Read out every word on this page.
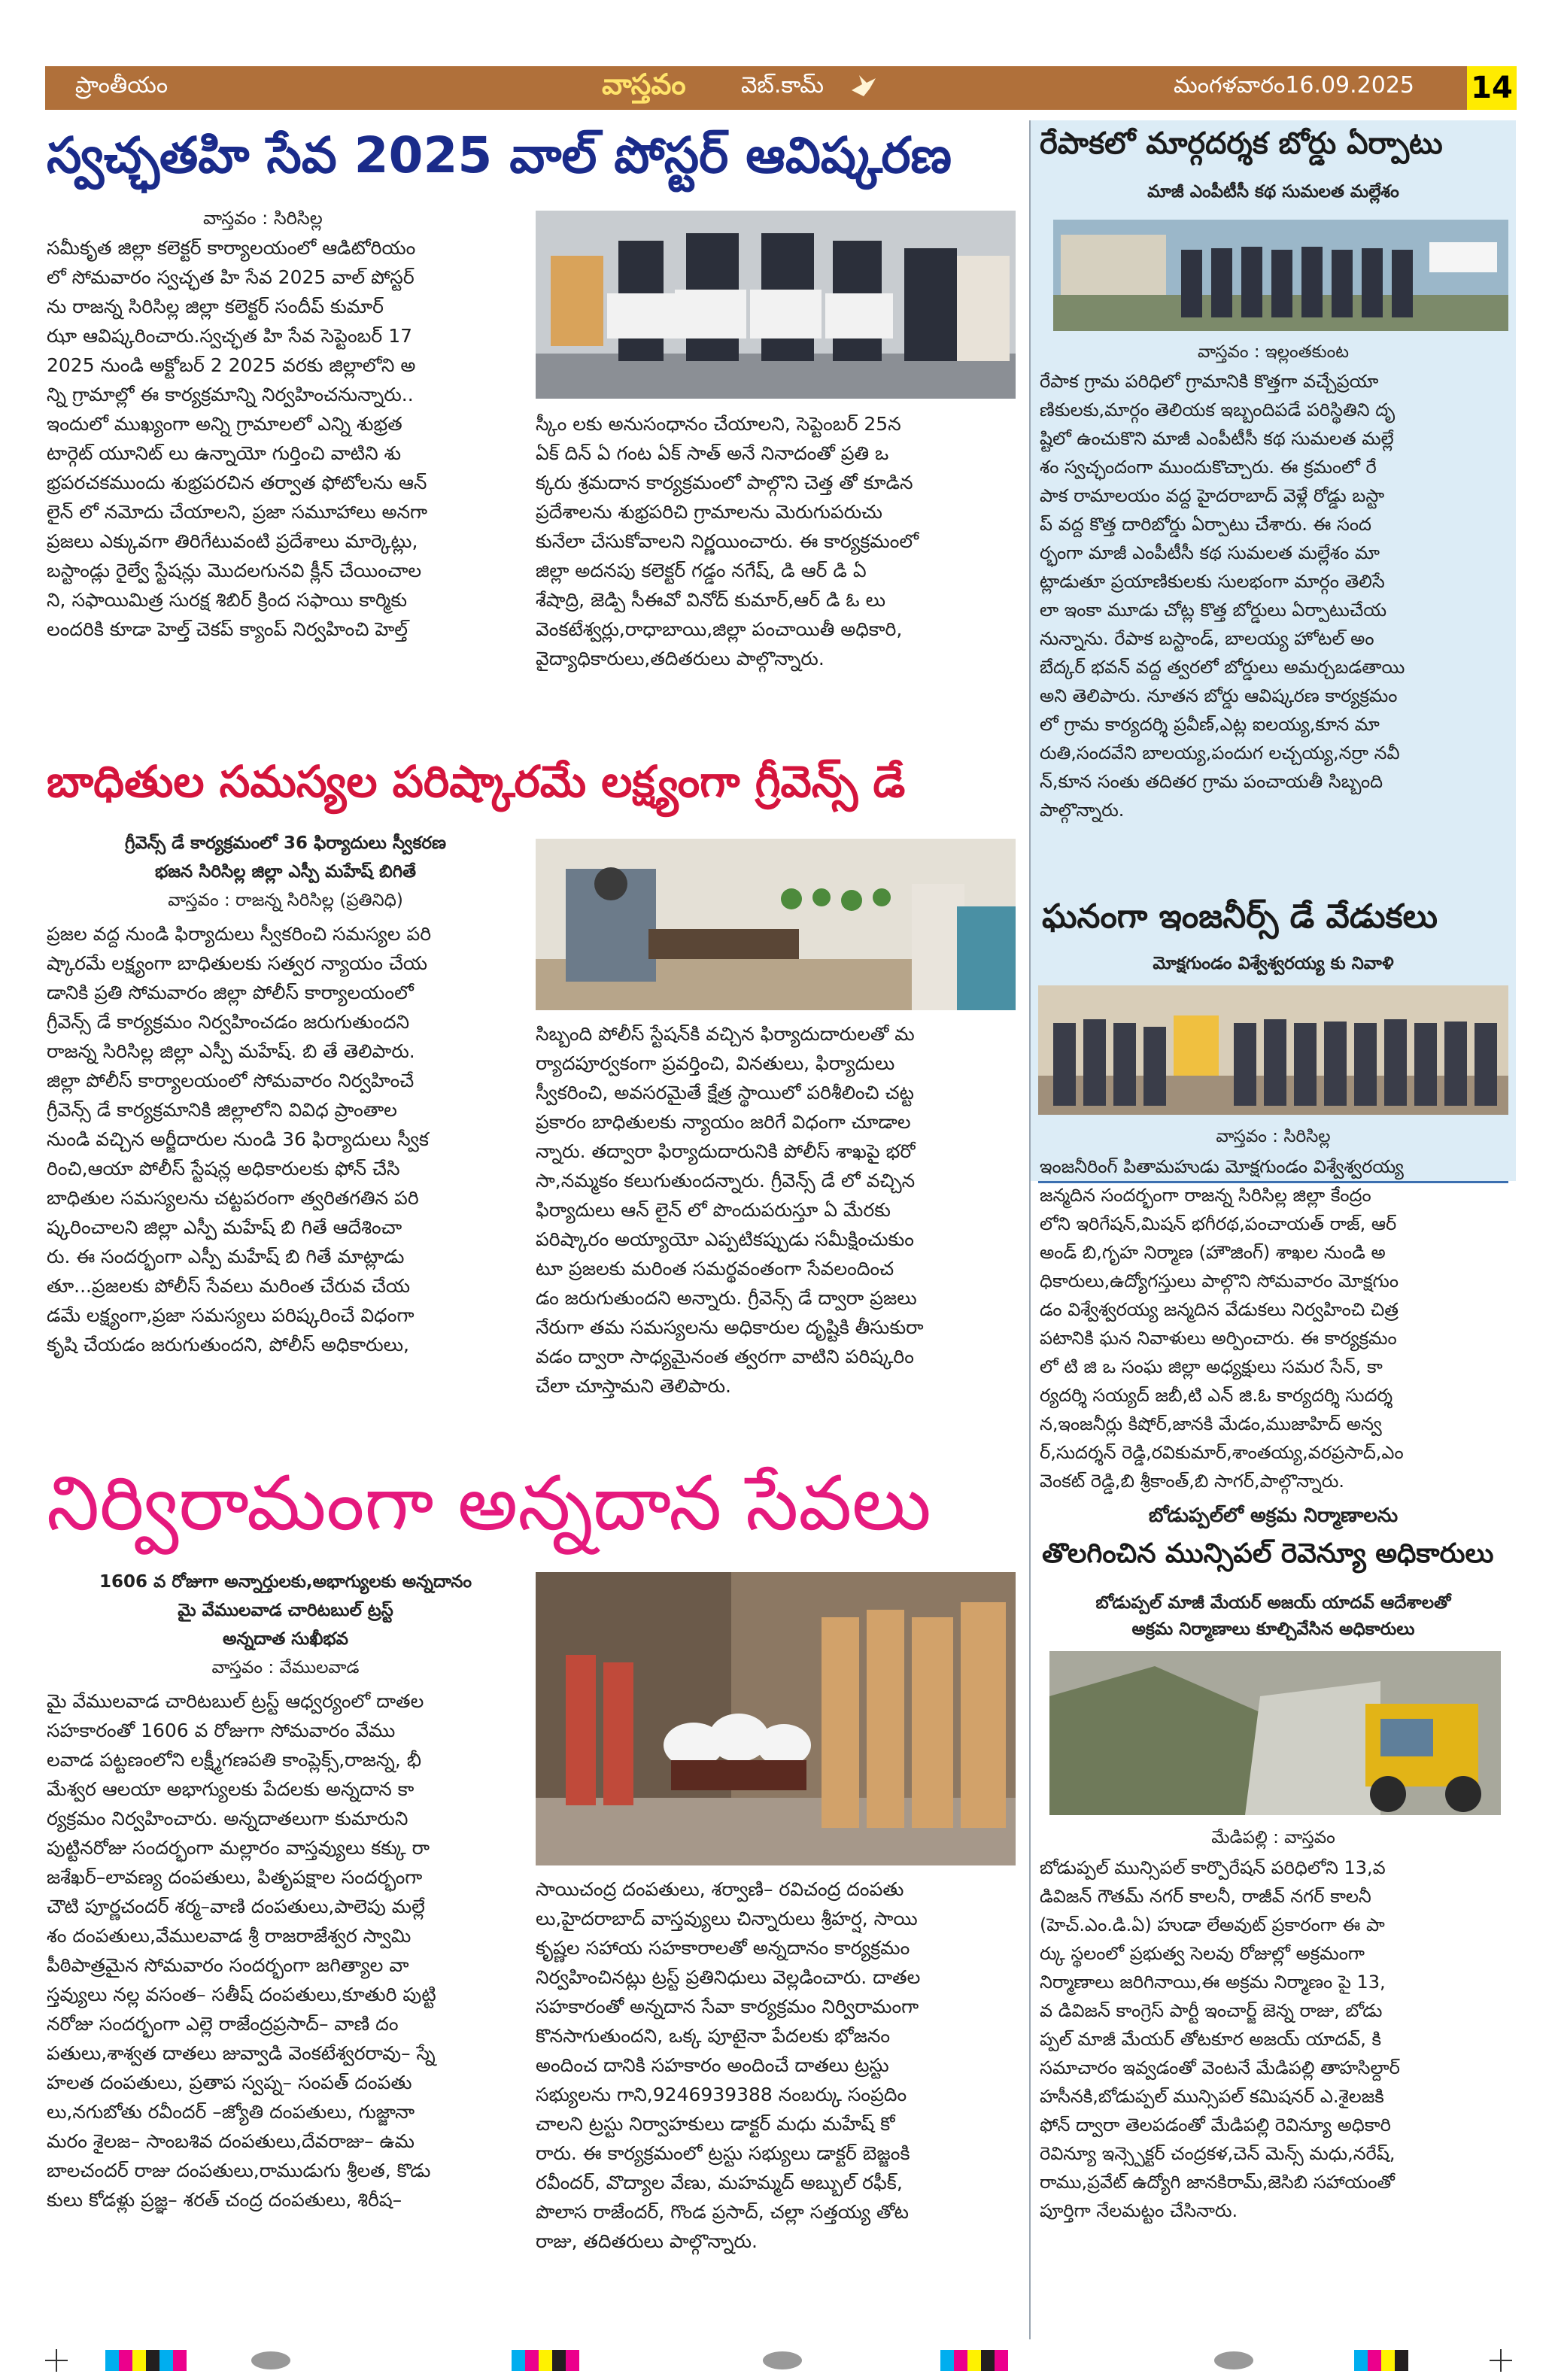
ప్రాంతీయం	వాస్తవం వెబ్.కామ్	మంగళవారం16.09.2025 14
స్వచ్ఛతహి సేవ 2025 వాల్ పోస్టర్ ఆవిష్కరణ
వాస్తవం : సిరిసిల్ల
సమీకృత జిల్లా కలెక్టర్ కార్యాలయంలో ఆడిటోరియం
లో సోమవారం స్వచ్ఛత హి సేవ 2025 వాల్ పోస్టర్
ను రాజన్న సిరిసిల్ల జిల్లా కలెక్టర్ సందీప్ కుమార్
ఝా ఆవిష్కరించారు.స్వచ్ఛత హి సేవ సెప్టెంబర్ 17
2025 నుండి అక్టోబర్ 2 2025 వరకు జిల్లాలోని అ
న్ని గ్రామాల్లో ఈ కార్యక్రమాన్ని నిర్వహించనున్నారు..
ఇందులో ముఖ్యంగా అన్ని గ్రామాలలో ఎన్ని శుభ్రత
టార్గెట్ యూనిట్ లు ఉన్నాయో గుర్తించి వాటిని శు
భ్రపరచకముందు శుభ్రపరచిన తర్వాత ఫోటోలను ఆన్
లైన్ లో నమోదు చేయాలని, ప్రజా సమూహాలు అనగా
ప్రజలు ఎక్కువగా తిరిగేటువంటి ప్రదేశాలు మార్కెట్లు,
బస్టాండ్లు రైల్వే స్టేషన్లు మొదలగునవి క్లీన్ చేయించాల
ని, సఫాయిమిత్ర సురక్ష శిబిర్ క్రింద సఫాయి కార్మికు
లందరికి కూడా హెల్త్ చెకప్ క్యాంప్ నిర్వహించి హెల్త్
స్కీం లకు అనుసంధానం చేయాలని, సెప్టెంబర్ 25న
ఏక్ దిన్ ఏ గంట ఏక్ సాత్ అనే నినాదంతో ప్రతి ఒ
క్కరు శ్రమదాన కార్యక్రమంలో పాల్గొని చెత్త తో కూడిన
ప్రదేశాలను శుభ్రపరిచి గ్రామాలను మెరుగుపరుచు
కునేలా చేసుకోవాలని నిర్ణయించారు. ఈ కార్యక్రమంలో
జిల్లా అదనపు కలెక్టర్ గడ్డం నగేష్, డి ఆర్ డి ఏ
శేషాద్రి, జెడ్పి సీఈవో వినోద్ కుమార్,ఆర్ డి ఓ లు
వెంకటేశ్వర్లు,రాధాబాయి,జిల్లా పంచాయితీ అధికారి,
వైద్యాధికారులు,తదితరులు పాల్గొన్నారు.
బాధితుల సమస్యల పరిష్కారమే లక్ష్యంగా గ్రీవెన్స్ డే
గ్రీవెన్స్ డే కార్యక్రమంలో 36 ఫిర్యాదులు స్వీకరణ
భజన సిరిసిల్ల జిల్లా ఎస్పీ మహేష్ బిగితే
వాస్తవం : రాజన్న సిరిసిల్ల (ప్రతినిధి)
ప్రజల వద్ద నుండి ఫిర్యాదులు స్వీకరించి సమస్యల పరి
ష్కారమే లక్ష్యంగా బాధితులకు సత్వర న్యాయం చేయ
డానికి ప్రతి సోమవారం జిల్లా పోలీస్ కార్యాలయంలో
గ్రీవెన్స్ డే కార్యక్రమం నిర్వహించడం జరుగుతుందని
రాజన్న సిరిసిల్ల జిల్లా ఎస్పీ మహేష్. బి తే తెలిపారు.
జిల్లా పోలీస్ కార్యాలయంలో సోమవారం నిర్వహించే
గ్రీవెన్స్ డే కార్యక్రమానికి జిల్లాలోని వివిధ ప్రాంతాల
నుండి వచ్చిన అర్జీదారుల నుండి 36 ఫిర్యాదులు స్వీక
రించి,ఆయా పోలీస్ స్టేషన్ల అధికారులకు ఫోన్ చేసి
బాధితుల సమస్యలను చట్టపరంగా త్వరితగతిన పరి
ష్కరించాలని జిల్లా ఎస్పీ మహేష్ బి గితే ఆదేశించా
రు. ఈ సందర్భంగా ఎస్పీ మహేష్ బి గితే మాట్లాడు
తూ...ప్రజలకు పోలీస్ సేవలు మరింత చేరువ చేయ
డమే లక్ష్యంగా,ప్రజా సమస్యలు పరిష్కరించే విధంగా
కృషి చేయడం జరుగుతుందని, పోలీస్ అధికారులు,
సిబ్బంది పోలీస్ స్టేషన్‌కి వచ్చిన ఫిర్యాదుదారులతో మ
ర్యాదపూర్వకంగా ప్రవర్తించి, వినతులు, ఫిర్యాదులు
స్వీకరించి, అవసరమైతే క్షేత్ర స్థాయిలో పరిశీలించి చట్ట
ప్రకారం బాధితులకు న్యాయం జరిగే విధంగా చూడాల
న్నారు. తద్వారా ఫిర్యాదుదారునికి పోలీస్ శాఖపై భరో
సా,నమ్మకం కలుగుతుందన్నారు. గ్రీవెన్స్ డే లో వచ్చిన
ఫిర్యాదులు ఆన్ లైన్ లో పొందుపరుస్తూ ఏ మేరకు
పరిష్కారం అయ్యాయో ఎప్పటికప్పుడు సమీక్షించుకుం
టూ ప్రజలకు మరింత సమర్థవంతంగా సేవలందించ
డం జరుగుతుందని అన్నారు. గ్రీవెన్స్ డే ద్వారా ప్రజలు
నేరుగా తమ సమస్యలను అధికారుల దృష్టికి తీసుకురా
వడం ద్వారా సాధ్యమైనంత త్వరగా వాటిని పరిష్కరిం
చేలా చూస్తామని తెలిపారు.
నిర్విరామంగా అన్నదాన సేవలు
1606 వ రోజుగా అన్నార్తులకు,అభాగ్యులకు అన్నదానం
మై వేములవాడ చారిటబుల్ ట్రస్ట్
అన్నదాత సుఖీభవ
వాస్తవం : వేములవాడ
మై వేములవాడ చారిటబుల్ ట్రస్ట్ ఆధ్వర్యంలో దాతల
సహకారంతో 1606 వ రోజుగా సోమవారం వేము
లవాడ పట్టణంలోని లక్ష్మీగణపతి కాంప్లెక్స్,రాజన్న, భీ
మేశ్వర ఆలయా అభాగ్యులకు పేదలకు అన్నదాన కా
ర్యక్రమం నిర్వహించారు. అన్నదాతలుగా కుమారుని
పుట్టినరోజు సందర్భంగా మల్లారం వాస్తవ్యులు కక్కు రా
జశేఖర్–లావణ్య దంపతులు, పితృపక్షాల సందర్భంగా
చౌటి పూర్ణచందర్ శర్మ–వాణి దంపతులు,పాలెపు మల్లే
శం దంపతులు,వేములవాడ శ్రీ రాజరాజేశ్వర స్వామి
పీఠిపాత్రమైన సోమవారం సందర్భంగా జగిత్యాల వా
స్తవ్యులు నల్ల వసంత– సతీష్ దంపతులు,కూతురి పుట్టి
నరోజు సందర్భంగా ఎల్లె రాజేంద్రప్రసాద్– వాణి దం
పతులు,శాశ్వత దాతలు జువ్వాడి వెంకటేశ్వరరావు– స్నే
హలత దంపతులు, ప్రతాప స్వప్న– సంపత్ దంపతు
లు,నగుబోతు రవీందర్ –జ్యోతి దంపతులు, గుజ్జానా
మరం శైలజ– సాంబశివ దంపతులు,దేవరాజు– ఉమ
బాలచందర్ రాజు దంపతులు,రాముడుగు శ్రీలత, కొడు
కులు కోడళ్లు ప్రజ్ఞ– శరత్ చంద్ర దంపతులు, శిరీష–
సాయిచంద్ర దంపతులు, శర్వాణి– రవిచంద్ర దంపతు
లు,హైదరాబాద్ వాస్తవ్యులు చిన్నారులు శ్రీహర్ష, సాయి
కృష్ణల సహాయ సహకారాలతో అన్నదానం కార్యక్రమం
నిర్వహించినట్లు ట్రస్ట్ ప్రతినిధులు వెల్లడించారు. దాతల
సహకారంతో అన్నదాన సేవా కార్యక్రమం నిర్విరామంగా
కొనసాగుతుందని, ఒక్క పూటైనా పేదలకు భోజనం
అందించ దానికి సహకారం అందించే దాతలు ట్రస్టు
సభ్యులను గాని,9246939388 నంబర్కు సంప్రదిం
చాలని ట్రస్టు నిర్వాహకులు డాక్టర్ మధు మహేష్ కో
రారు. ఈ కార్యక్రమంలో ట్రస్టు సభ్యులు డాక్టర్ బెజ్జంకి
రవీందర్, వొద్యాల వేణు, మహమ్మద్ అబ్బుల్ రఫీక్,
పొలాస రాజేందర్, గొండ ప్రసాద్, చల్లా సత్తయ్య తోట
రాజు, తదితరులు పాల్గొన్నారు.
రేపాకలో మార్గదర్శక బోర్డు ఏర్పాటు
మాజీ ఎంపీటీసీ కథ సుమలత మల్లేశం
వాస్తవం : ఇల్లంతకుంట
రేపాక గ్రామ పరిధిలో గ్రామానికి కొత్తగా వచ్చేప్రయా
ణికులకు,మార్గం తెలియక ఇబ్బందిపడే పరిస్థితిని దృ
ష్టిలో ఉంచుకొని మాజీ ఎంపీటీసీ కథ సుమలత మల్లే
శం స్వచ్ఛందంగా ముందుకొచ్చారు. ఈ క్రమంలో రే
పాక రామాలయం వద్ద హైదరాబాద్ వెళ్లే రోడ్డు బస్టా
ప్ వద్ద కొత్త దారిబోర్డు ఏర్పాటు చేశారు. ఈ సంద
ర్భంగా మాజీ ఎంపీటీసీ కథ సుమలత మల్లేశం మా
ట్లాడుతూ ప్రయాణికులకు సులభంగా మార్గం తెలిసే
లా ఇంకా మూడు చోట్ల కొత్త బోర్డులు ఏర్పాటుచేయ
నున్నాను. రేపాక బస్టాండ్, బాలయ్య హోటల్ అం
బేద్కర్ భవన్ వద్ద త్వరలో బోర్డులు అమర్చబడతాయి
అని తెలిపారు. నూతన బోర్డు ఆవిష్కరణ కార్యక్రమం
లో గ్రామ కార్యదర్శి ప్రవీణ్,ఎట్ల ఐలయ్య,కూన మా
రుతి,సందవేని బాలయ్య,పందుగ లచ్చయ్య,నర్రా నవీ
న్,కూన సంతు తదితర గ్రామ పంచాయతీ సిబ్బంది
పాల్గొన్నారు.
ఘనంగా ఇంజనీర్స్ డే వేడుకలు
మోక్షగుండం విశ్వేశ్వరయ్య కు నివాళి
వాస్తవం : సిరిసిల్ల
ఇంజనీరింగ్ పితామహుడు మోక్షగుండం విశ్వేశ్వరయ్య
జన్మదిన సందర్భంగా రాజన్న సిరిసిల్ల జిల్లా కేంద్రం
లోని ఇరిగేషన్,మిషన్ భగీరథ,పంచాయత్ రాజ్, ఆర్
అండ్ బి,గృహ నిర్మాణ (హౌజింగ్) శాఖల నుండి అ
ధికారులు,ఉద్యోగస్తులు పాల్గొని సోమవారం మోక్షగుం
డం విశ్వేశ్వరయ్య జన్మదిన వేడుకలు నిర్వహించి చిత్ర
పటానికి ఘన నివాళులు అర్పించారు. ఈ కార్యక్రమం
లో టి జి ఒ సంఘ జిల్లా అధ్యక్షులు సమర సేన్, కా
ర్యదర్శి సయ్యద్ జబీ,టి ఎన్ జి.ఓ కార్యదర్శి సుదర్శ
న,ఇంజనీర్లు కిషోర్,జానకి మేడం,ముజాహిద్ అన్వ
ర్,సుదర్శన్ రెడ్డి,రవికుమార్,శాంతయ్య,వరప్రసాద్,ఎం
వెంకట్ రెడ్డి,బి శ్రీకాంత్,బి సాగర్,పాల్గొన్నారు.
బోడుప్పల్‌లో అక్రమ నిర్మాణాలను
తొలగించిన మున్సిపల్ రెవెన్యూ అధికారులు
బోడుప్పల్ మాజీ మేయర్ అజయ్ యాదవ్ ఆదేశాలతో
అక్రమ నిర్మాణాలు కూల్చివేసిన అధికారులు
మేడిపల్లి : వాస్తవం
బోడుప్పల్ మున్సిపల్ కార్పొరేషన్ పరిధిలోని 13,వ
డివిజన్ గౌతమ్ నగర్ కాలనీ, రాజీవ్ నగర్ కాలనీ
(హెచ్.ఎం.డి.ఏ) హుడా లేఅవుట్ ప్రకారంగా ఈ పా
ర్కు స్థలంలో ప్రభుత్వ సెలవు రోజుల్లో అక్రమంగా
నిర్మాణాలు జరిగినాయి,ఈ అక్రమ నిర్మాణం పై 13,
వ డివిజన్ కాంగ్రెస్ పార్టీ ఇంచార్జ్ జెన్న రాజు, బోడు
ప్పల్ మాజీ మేయర్ తోటకూర అజయ్ యాదవ్, కి
సమాచారం ఇవ్వడంతో వెంటనే మేడిపల్లి తాహసిల్దార్
హసీనకి,బోడుప్పల్ మున్సిపల్ కమిషనర్ ఎ.శైలజకి
ఫోన్ ద్వారా తెలపడంతో మేడిపల్లి రెవిన్యూ అధికారి
రెవిన్యూ ఇన్స్పెక్టర్ చంద్రకళ,చెన్ మెన్స్ మధు,నరేష్,
రాము,ప్రవేట్ ఉద్యోగి జానకిరామ్,జెసిబి సహాయంతో
పూర్తిగా నేలమట్టం చేసినారు.
